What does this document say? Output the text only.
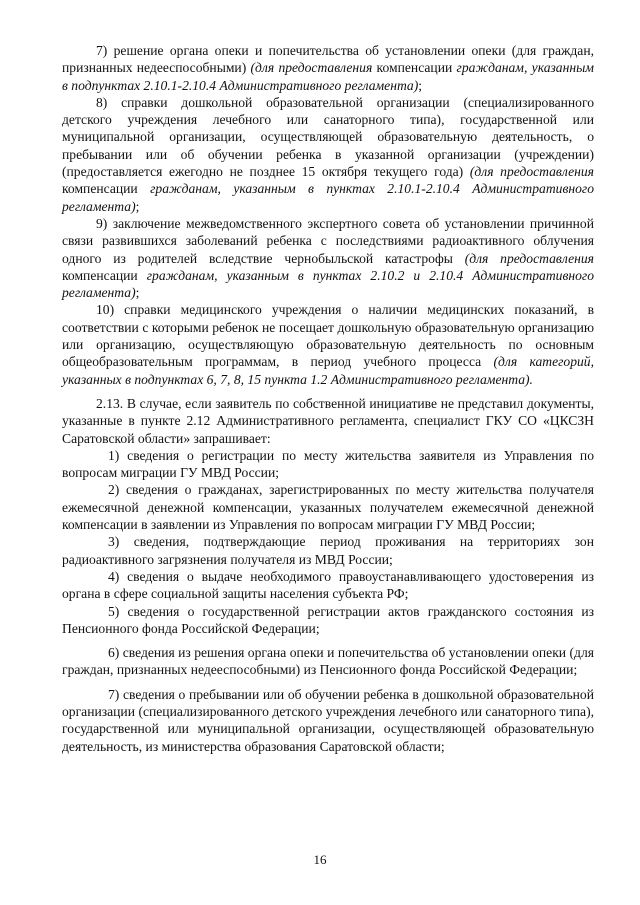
7) решение органа опеки и попечительства об установлении опеки (для граждан, признанных недееспособными) (для предоставления компенсации гражданам, указанным в подпунктах 2.10.1-2.10.4 Административного регламента);

8) справки дошкольной образовательной организации (специализированного детского учреждения лечебного или санаторного типа), государственной или муниципальной организации, осуществляющей образовательную деятельность, о пребывании или об обучении ребенка в указанной организации (учреждении) (предоставляется ежегодно не позднее 15 октября текущего года) (для предоставления компенсации гражданам, указанным в пунктах 2.10.1-2.10.4 Административного регламента);

9) заключение межведомственного экспертного совета об установлении причинной связи развившихся заболеваний ребенка с последствиями радиоактивного облучения одного из родителей вследствие чернобыльской катастрофы (для предоставления компенсации гражданам, указанным в пунктах 2.10.2 и 2.10.4 Административного регламента);

10) справки медицинского учреждения о наличии медицинских показаний, в соответствии с которыми ребенок не посещает дошкольную образовательную организацию или организацию, осуществляющую образовательную деятельность по основным общеобразовательным программам, в период учебного процесса (для категорий, указанных в подпунктах 6, 7, 8, 15 пункта 1.2 Административного регламента).

2.13. В случае, если заявитель по собственной инициативе не представил документы, указанные в пункте 2.12 Административного регламента, специалист ГКУ СО «ЦКСЗН Саратовской области» запрашивает:

1) сведения о регистрации по месту жительства заявителя из Управления по вопросам миграции ГУ МВД России;

2) сведения о гражданах, зарегистрированных по месту жительства получателя ежемесячной денежной компенсации, указанных получателем ежемесячной денежной компенсации в заявлении из Управления по вопросам миграции ГУ МВД России;

3) сведения, подтверждающие период проживания на территориях зон радиоактивного загрязнения получателя из МВД России;

4) сведения о выдаче необходимого правоустанавливающего удостоверения из органа в сфере социальной защиты населения субъекта РФ;

5) сведения о государственной регистрации актов гражданского состояния из Пенсионного фонда Российской Федерации;

6) сведения из решения органа опеки и попечительства об установлении опеки (для граждан, признанных недееспособными) из Пенсионного фонда Российской Федерации;

7) сведения о пребывании или об обучении ребенка в дошкольной образовательной организации (специализированного детского учреждения лечебного или санаторного типа), государственной или муниципальной организации, осуществляющей образовательную деятельность, из министерства образования Саратовской области;

16
